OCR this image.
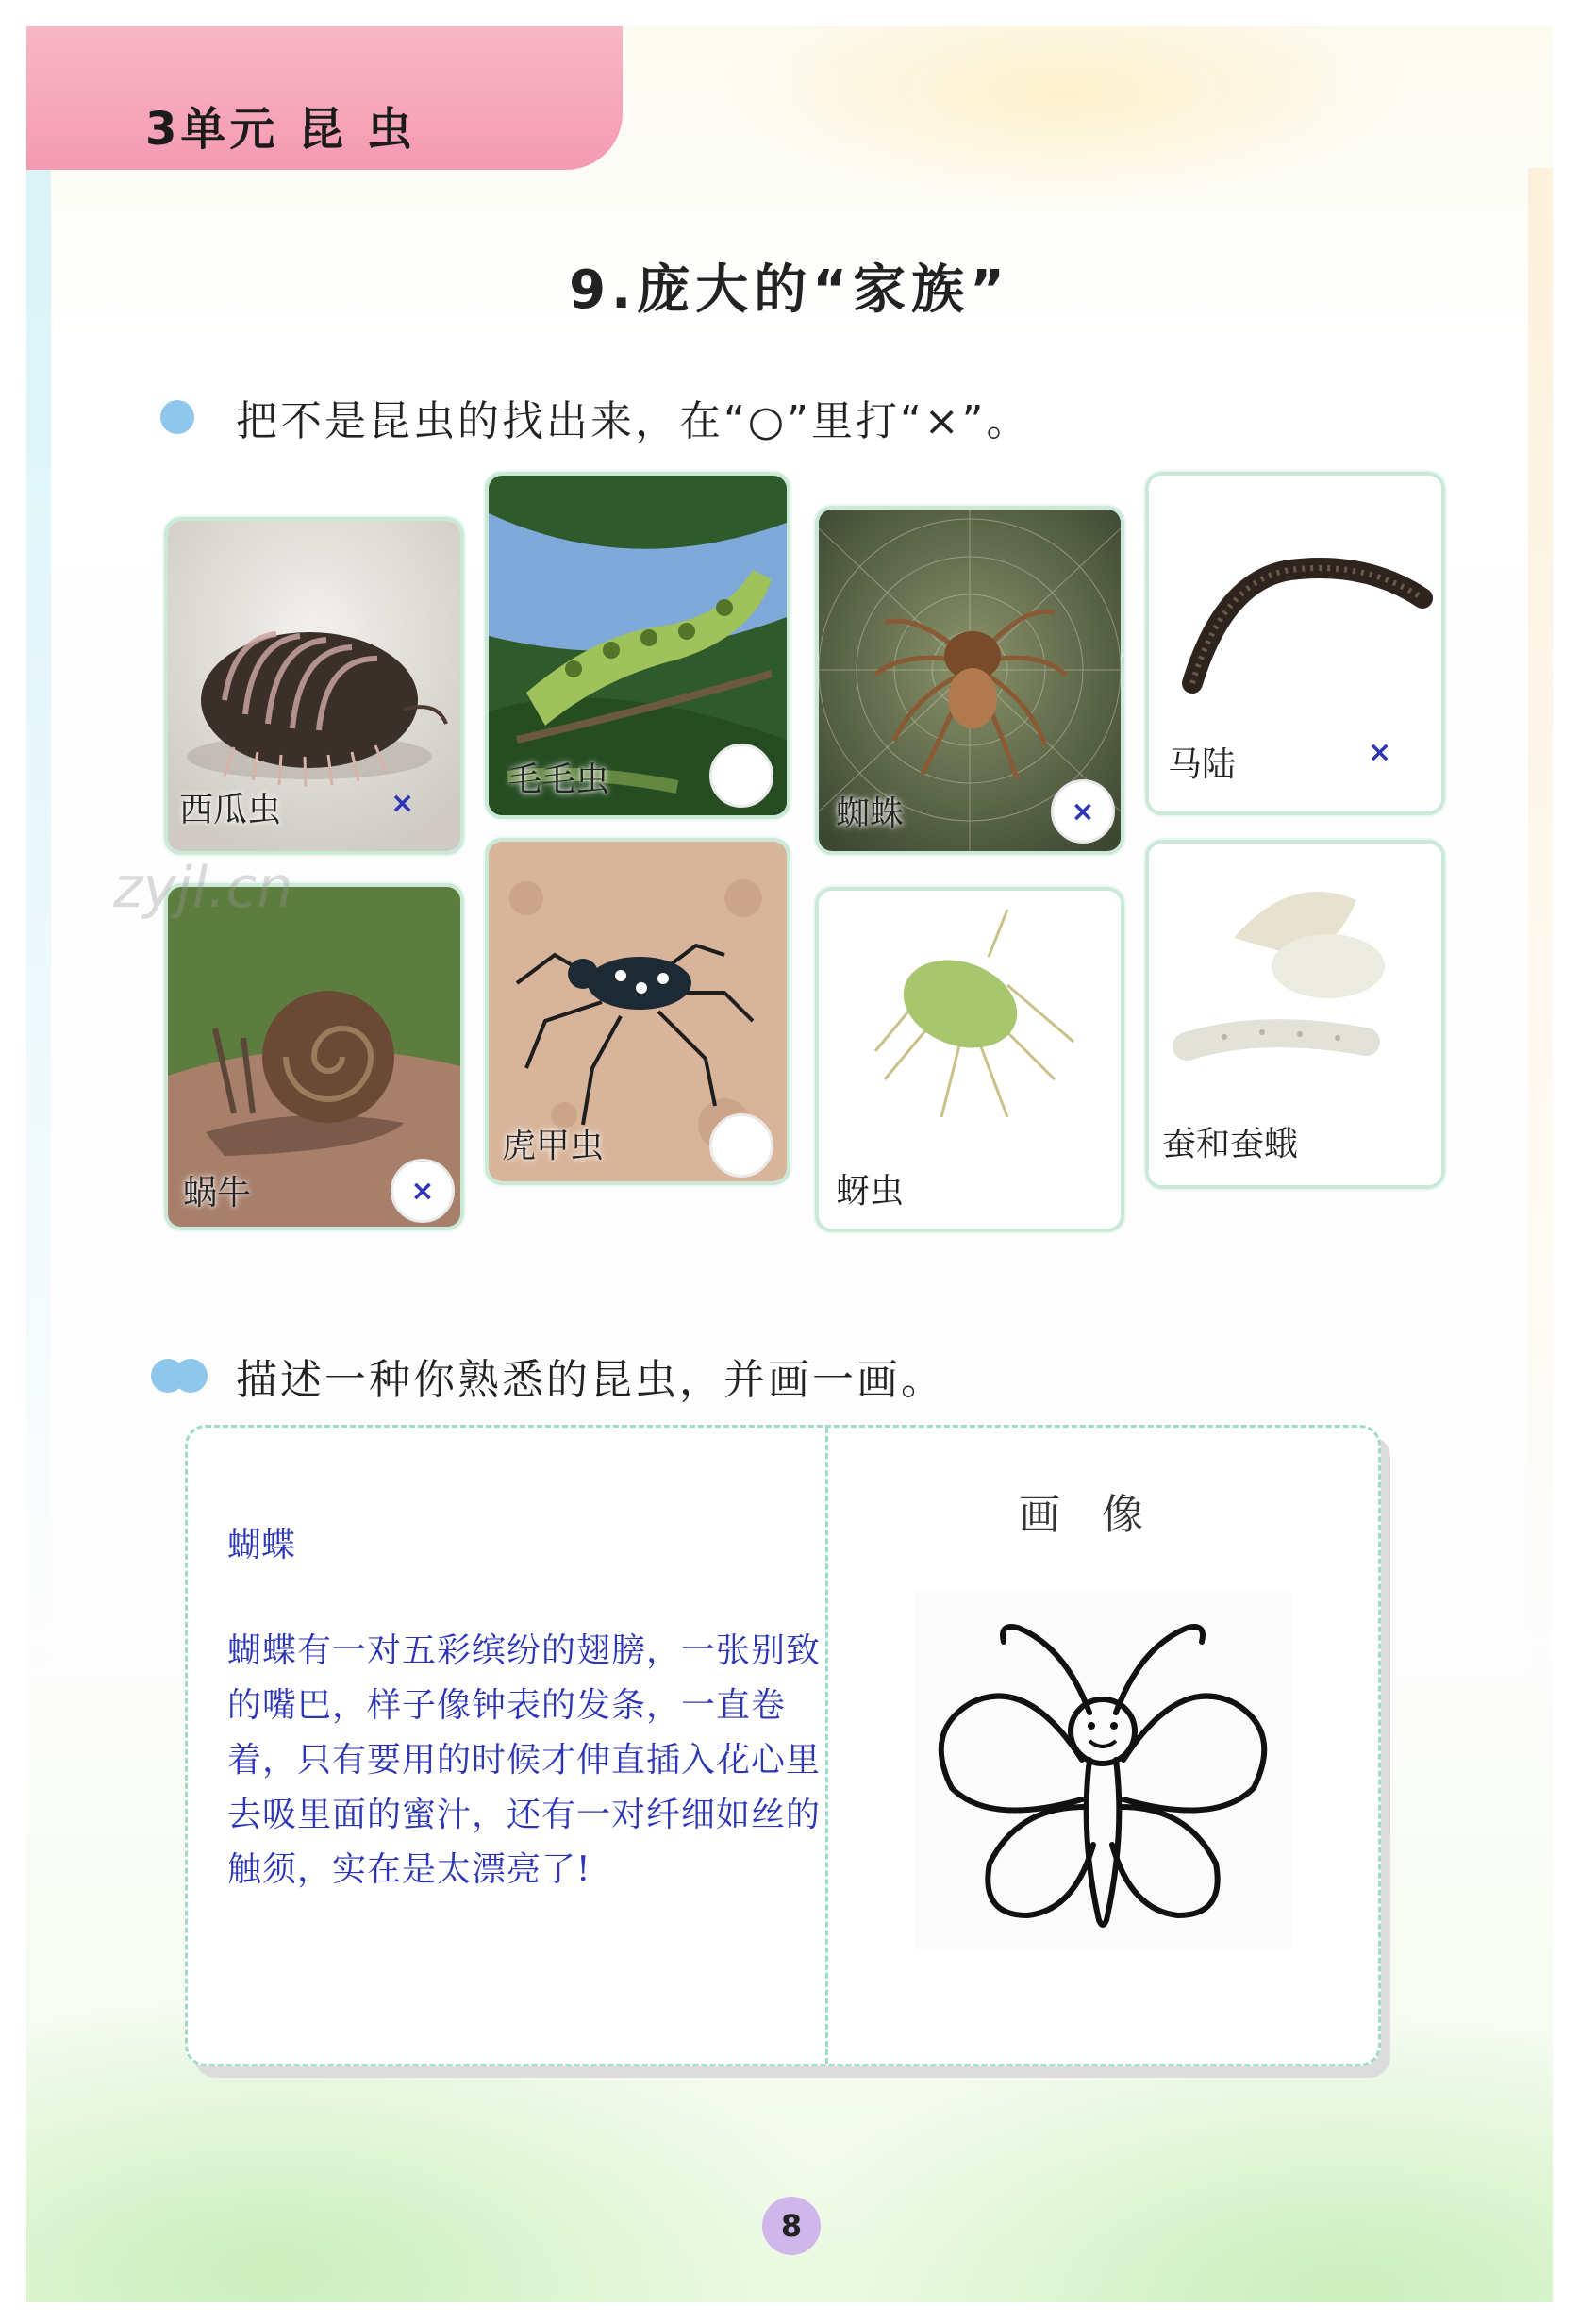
3单元 昆 虫
9.庞大的“家族”
把不是昆虫的找出来，在“○”里打“×”。
西瓜虫	×
毛毛虫
蜘蛛	×
马陆	×
蜗牛	×
虎甲虫
蚜虫
蚕和蚕蛾
zyjl.cn
描述一种你熟悉的昆虫，并画一画。
蝴蝶
蝴蝶有一对五彩缤纷的翅膀，一张别致的嘴巴，样子像钟表的发条，一直卷着，只有要用的时候才伸直插入花心里去吸里面的蜜汁，还有一对纤细如丝的触须，实在是太漂亮了!
画像
8
